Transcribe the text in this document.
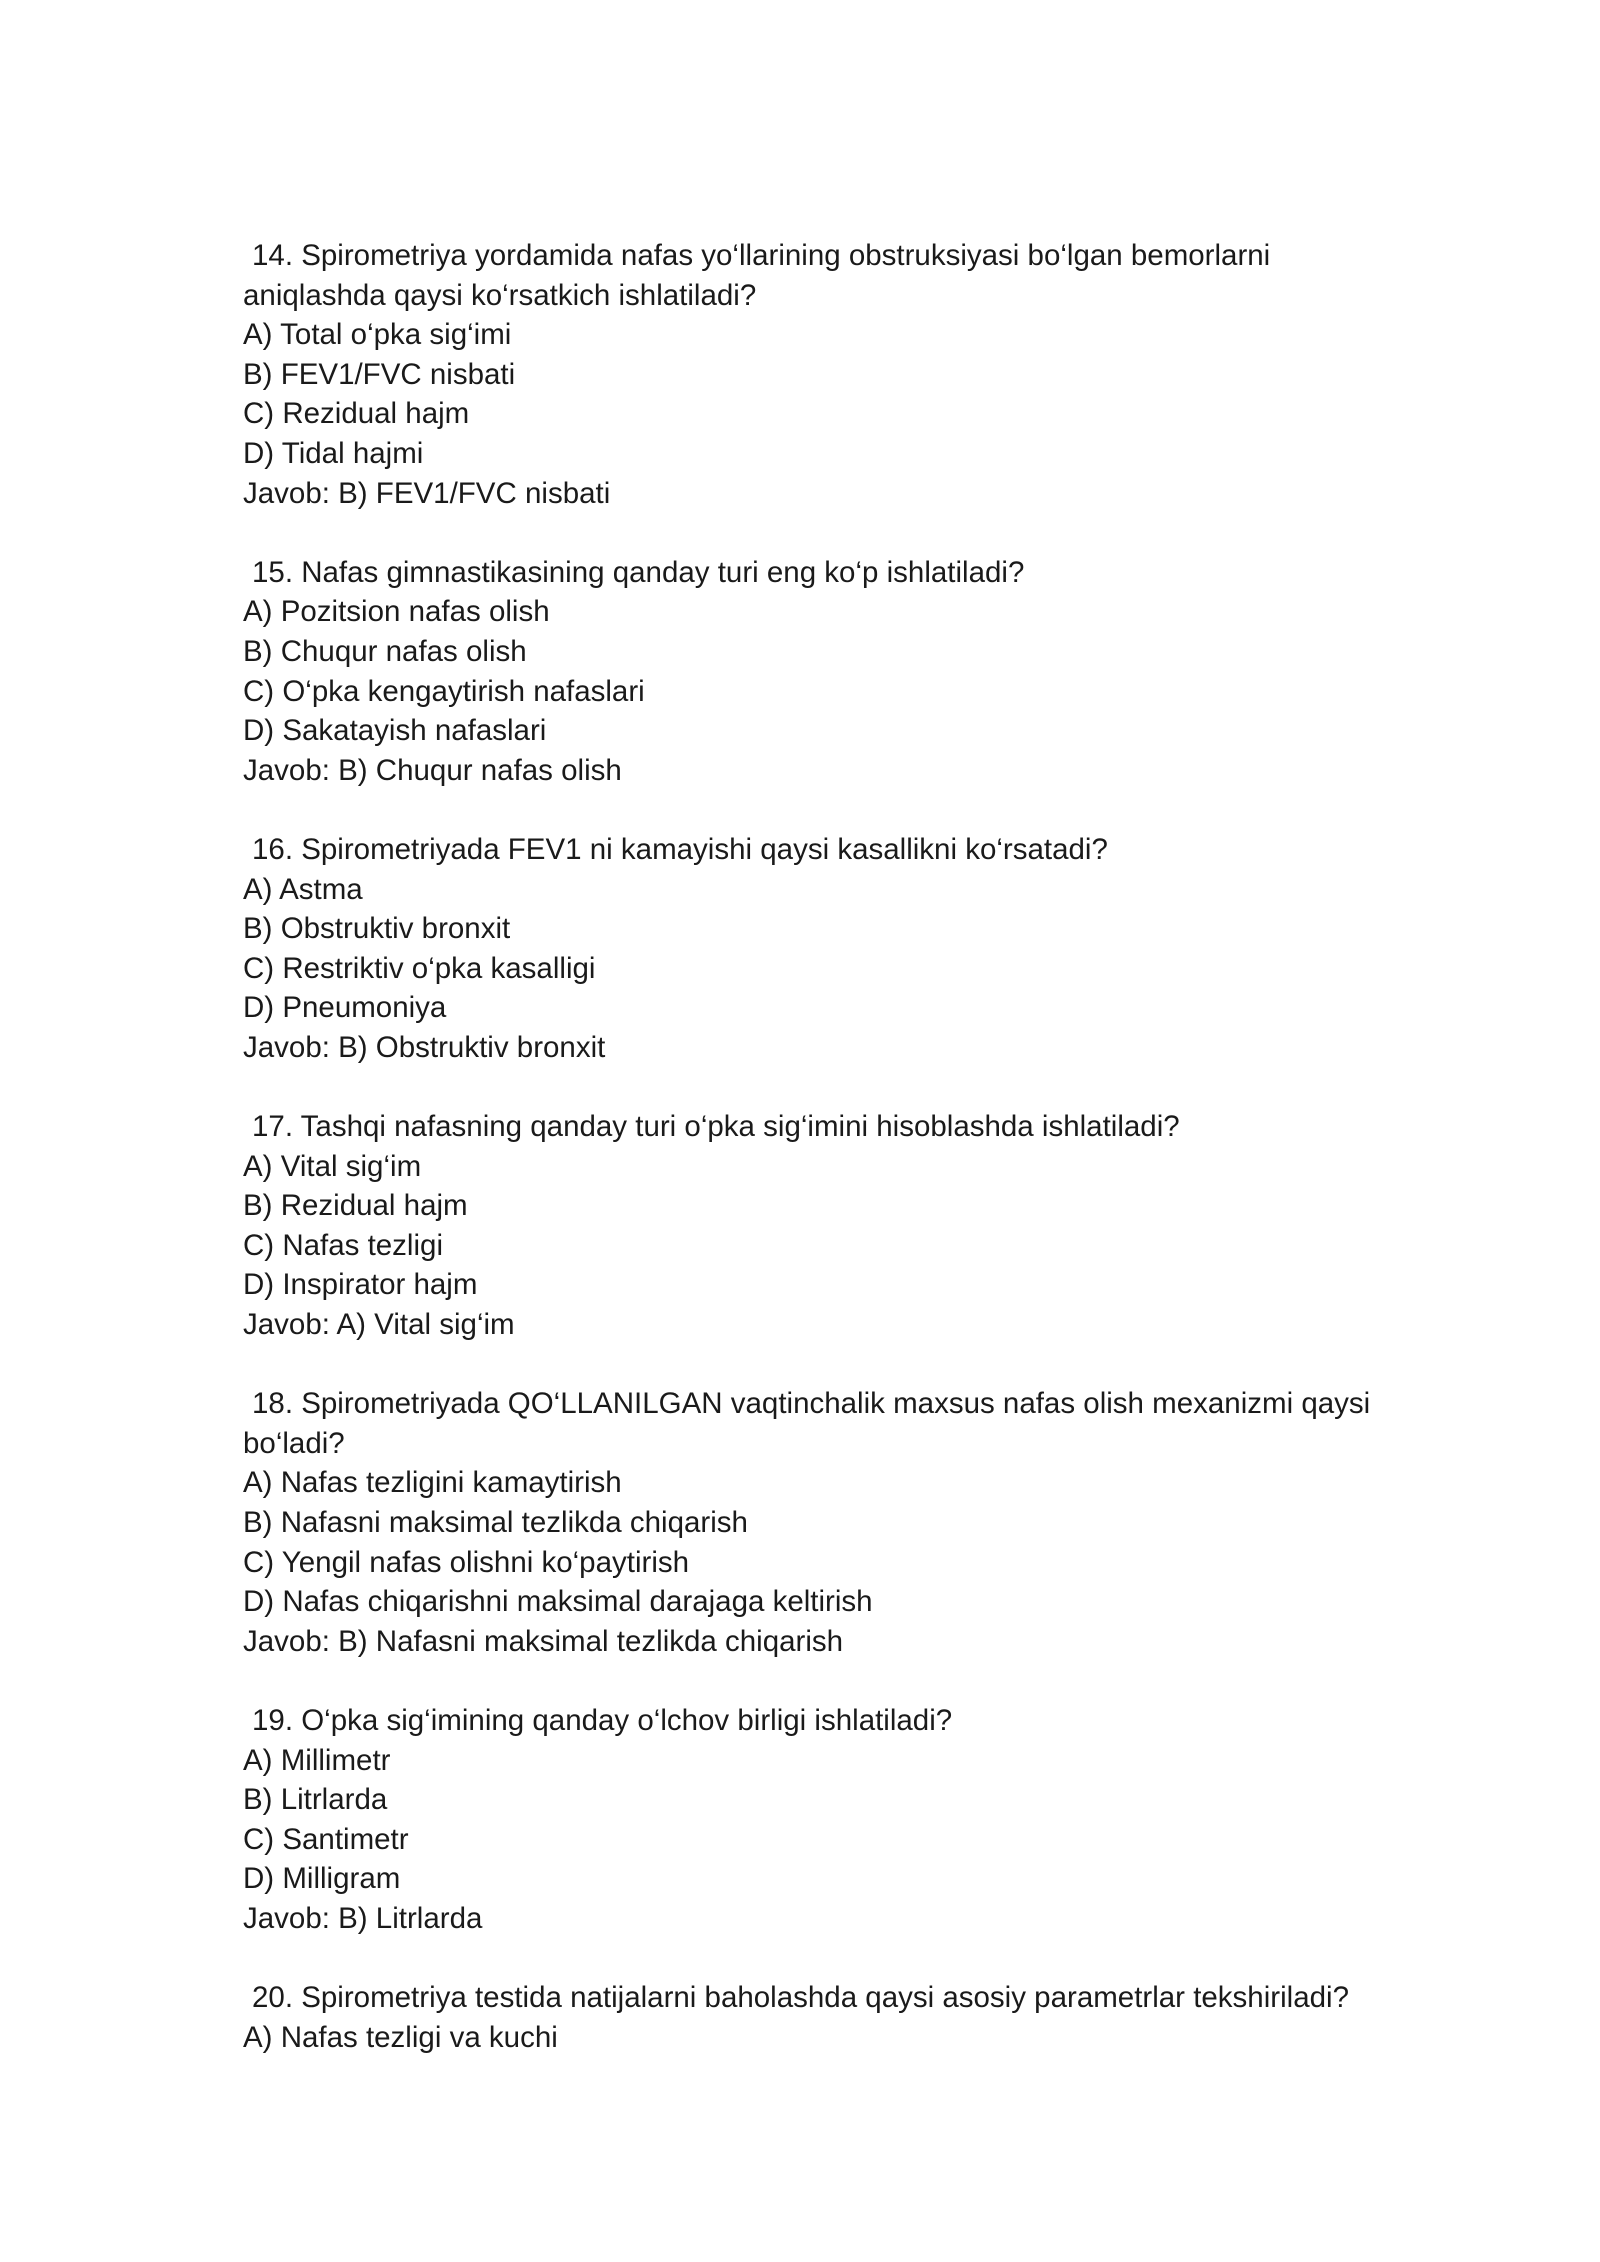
14. Spirometriya yordamida nafas yo‘llarining obstruksiyasi bo‘lgan bemorlarni
aniqlashda qaysi ko‘rsatkich ishlatiladi?
A) Total o‘pka sig‘imi
B) FEV1/FVC nisbati
C) Rezidual hajm
D) Tidal hajmi
Javob: B) FEV1/FVC nisbati
15. Nafas gimnastikasining qanday turi eng ko‘p ishlatiladi?
A) Pozitsion nafas olish
B) Chuqur nafas olish
C) O‘pka kengaytirish nafaslari
D) Sakatayish nafaslari
Javob: B) Chuqur nafas olish
16. Spirometriyada FEV1 ni kamayishi qaysi kasallikni ko‘rsatadi?
A) Astma
B) Obstruktiv bronxit
C) Restriktiv o‘pka kasalligi
D) Pneumoniya
Javob: B) Obstruktiv bronxit
17. Tashqi nafasning qanday turi o‘pka sig‘imini hisoblashda ishlatiladi?
A) Vital sig‘im
B) Rezidual hajm
C) Nafas tezligi
D) Inspirator hajm
Javob: A) Vital sig‘im
18. Spirometriyada QO‘LLANILGAN vaqtinchalik maxsus nafas olish mexanizmi qaysi
bo‘ladi?
A) Nafas tezligini kamaytirish
B) Nafasni maksimal tezlikda chiqarish
C) Yengil nafas olishni ko‘paytirish
D) Nafas chiqarishni maksimal darajaga keltirish
Javob: B) Nafasni maksimal tezlikda chiqarish
19. O‘pka sig‘imining qanday o‘lchov birligi ishlatiladi?
A) Millimetr
B) Litrlarda
C) Santimetr
D) Milligram
Javob: B) Litrlarda
20. Spirometriya testida natijalarni baholashda qaysi asosiy parametrlar tekshiriladi?
A) Nafas tezligi va kuchi
